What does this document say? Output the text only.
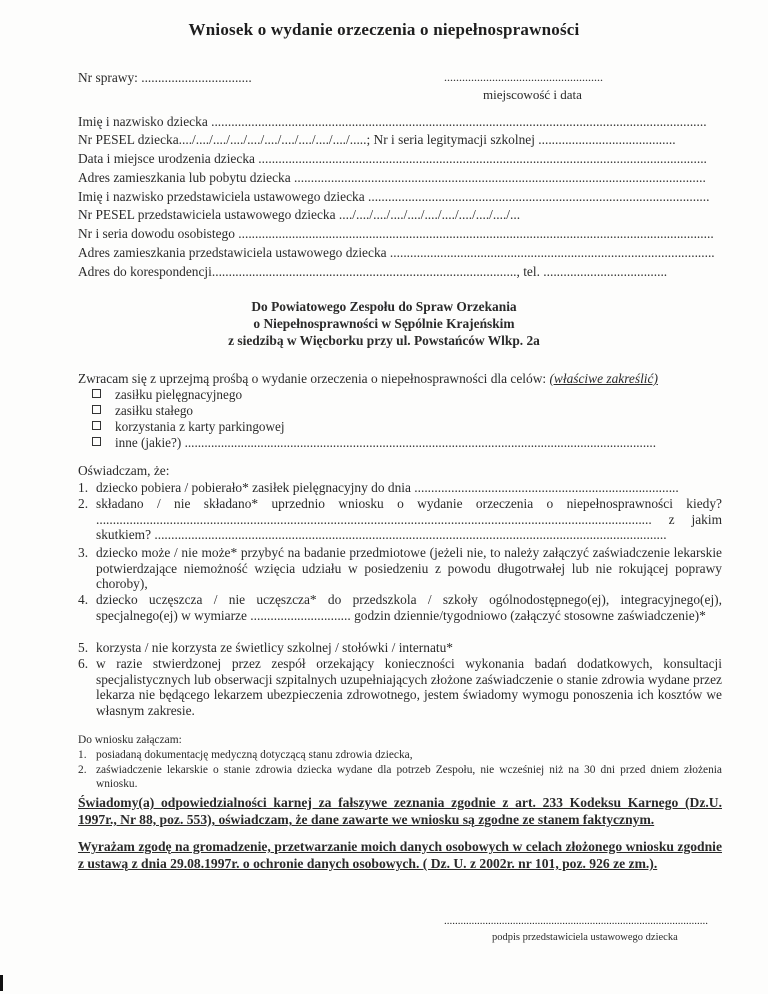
Wniosek o wydanie orzeczenia o niepełnosprawności
Nr sprawy: .................................	.....................................................
miejscowość i data
Imię i nazwisko dziecka ....................................................................................................................................................
Nr PESEL dziecka..../..../..../..../..../..../..../..../..../..../.....; Nr i seria legitymacji szkolnej .........................................
Data i miejsce urodzenia dziecka ......................................................................................................................................
Adres zamieszkania lub pobytu dziecka ...........................................................................................................................
Imię i nazwisko przedstawiciela ustawowego dziecka ......................................................................................................
Nr PESEL przedstawiciela ustawowego dziecka ..../..../..../..../..../..../..../..../..../..../...
Nr i seria dowodu osobistego ..............................................................................................................................................
Adres zamieszkania przedstawiciela ustawowego dziecka .................................................................................................
Adres do korespondencji..........................................................................................., tel. .....................................
Do Powiatowego Zespołu do Spraw Orzekania
o Niepełnosprawności w Sępólnie Krajeńskim
z siedzibą w Więcborku przy ul. Powstańców Wlkp. 2a
Zwracam się z uprzejmą prośbą o wydanie orzeczenia o niepełnosprawności dla celów: (właściwe zakreślić)
zasiłku pielęgnacyjnego
zasiłku stałego
korzystania z karty parkingowej
inne (jakie?) ...............................................................................................................................................
Oświadczam, że:
1. dziecko pobiera / pobierało* zasiłek pielęgnacyjny do dnia ...............................................................................
2. składano / nie składano* uprzednio wniosku o wydanie orzeczenia o niepełnosprawności kiedy? ...................................................................................................................................................................... z jakim skutkiem? .........................................................................................................................................................
3. dziecko może / nie może* przybyć na badanie przedmiotowe (jeżeli nie, to należy załączyć zaświadczenie lekarskie potwierdzające niemożność wzięcia udziału w posiedzeniu z powodu długotrwałej lub nie rokującej poprawy choroby),
4. dziecko uczęszcza / nie uczęszcza* do przedszkola / szkoły ogólnodostępnego(ej), integracyjnego(ej), specjalnego(ej) w wymiarze .............................. godzin dziennie/tygodniowo (załączyć stosowne zaświadczenie)*
5. korzysta / nie korzysta ze świetlicy szkolnej / stołówki / internatu*
6. w razie stwierdzonej przez zespół orzekający konieczności wykonania badań dodatkowych, konsultacji specjalistycznych lub obserwacji szpitalnych uzupełniających złożone zaświadczenie o stanie zdrowia wydane przez lekarza nie będącego lekarzem ubezpieczenia zdrowotnego, jestem świadomy wymogu ponoszenia ich kosztów we własnym zakresie.
Do wniosku załączam:
1. posiadaną dokumentację medyczną dotyczącą stanu zdrowia dziecka,
2. zaświadczenie lekarskie o stanie zdrowia dziecka wydane dla potrzeb Zespołu, nie wcześniej niż na 30 dni przed dniem złożenia wniosku.
Świadomy(a) odpowiedzialności karnej za fałszywe zeznania zgodnie z art. 233 Kodeksu Karnego (Dz.U. 1997r., Nr 88, poz. 553), oświadczam, że dane zawarte we wniosku są zgodne ze stanem faktycznym.
Wyrażam zgodę na gromadzenie, przetwarzanie moich danych osobowych w celach złożonego wniosku zgodnie z ustawą z dnia 29.08.1997r. o ochronie danych osobowych. ( Dz. U. z 2002r. nr 101, poz. 926 ze zm.).
................................................................................................
podpis przedstawiciela ustawowego dziecka
